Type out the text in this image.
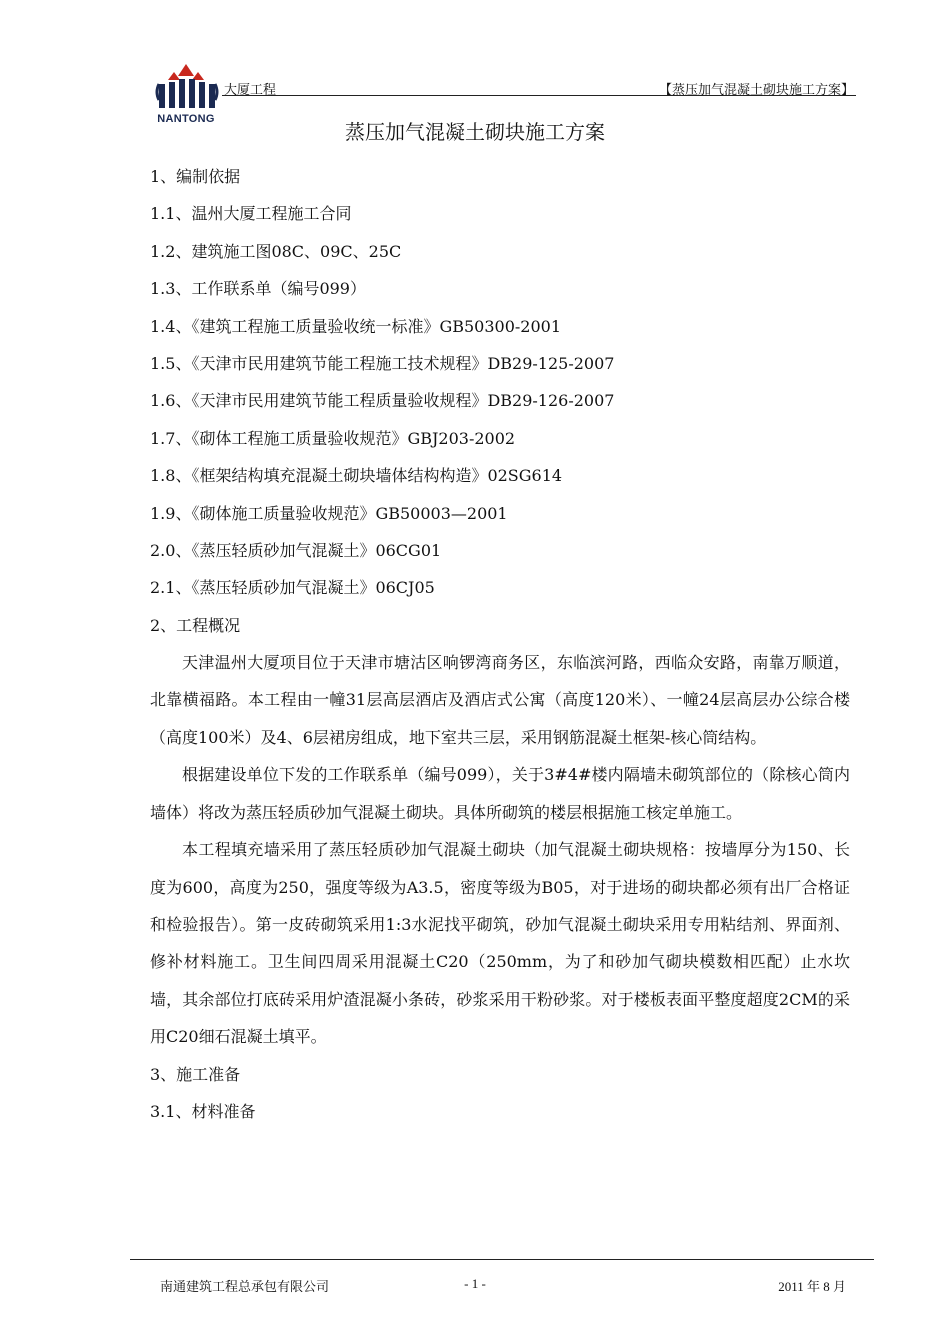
NANTONG
大厦工程	【蒸压加气混凝土砌块施工方案】
蒸压加气混凝土砌块施工方案
1、编制依据
1.1、温州大厦工程施工合同
1.2、建筑施工图08C、09C、25C
1.3、工作联系单（编号099）
1.4、《建筑工程施工质量验收统一标准》GB50300-2001
1.5、《天津市民用建筑节能工程施工技术规程》DB29-125-2007
1.6、《天津市民用建筑节能工程质量验收规程》DB29-126-2007
1.7、《砌体工程施工质量验收规范》GBJ203-2002
1.8、《框架结构填充混凝土砌块墙体结构构造》02SG614
1.9、《砌体施工质量验收规范》GB50003—2001
2.0、《蒸压轻质砂加气混凝土》06CG01
2.1、《蒸压轻质砂加气混凝土》06CJ05
2、工程概况

天津温州大厦项目位于天津市塘沽区响锣湾商务区，东临滨河路，西临众安路，南靠万顺道，北靠横福路。本工程由一幢31层高层酒店及酒店式公寓（高度120米）、一幢24层高层办公综合楼（高度100米）及4、6层裙房组成，地下室共三层，采用钢筋混凝土框架-核心筒结构。

根据建设单位下发的工作联系单（编号099），关于3#4#楼内隔墙未砌筑部位的（除核心筒内墙体）将改为蒸压轻质砂加气混凝土砌块。具体所砌筑的楼层根据施工核定单施工。

本工程填充墙采用了蒸压轻质砂加气混凝土砌块（加气混凝土砌块规格：按墙厚分为150、长度为600，高度为250，强度等级为A3.5，密度等级为B05，对于进场的砌块都必须有出厂合格证和检验报告）。第一皮砖砌筑采用1:3水泥找平砌筑，砂加气混凝土砌块采用专用粘结剂、界面剂、修补材料施工。卫生间四周采用混凝土C20（250mm，为了和砂加气砌块模数相匹配）止水坎墙，其余部位打底砖采用炉渣混凝小条砖，砂浆采用干粉砂浆。对于楼板表面平整度超度2CM的采用C20细石混凝土填平。

3、施工准备
3.1、材料准备
南通建筑工程总承包有限公司	- 1 -	2011 年 8 月
